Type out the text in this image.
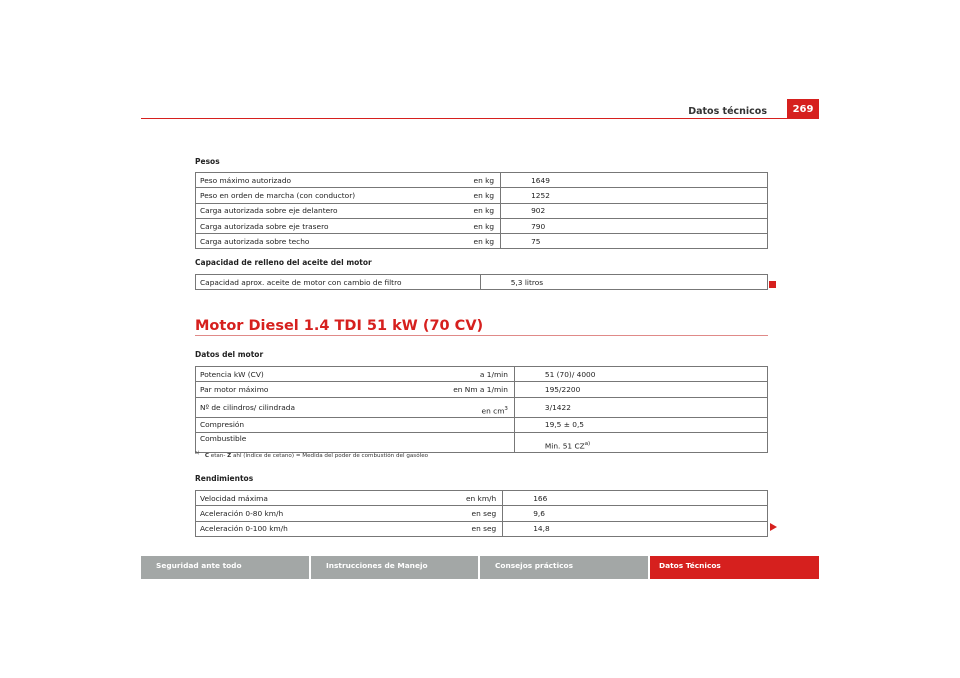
Datos técnicos	269
Pesos
Peso máximo autorizado	en kg	1649
Peso en orden de marcha (con conductor)	en kg	1252
Carga autorizada sobre eje delantero	en kg	902
Carga autorizada sobre eje trasero	en kg	790
Carga autorizada sobre techo	en kg	75
Capacidad de relleno del aceite del motor
Capacidad aprox. aceite de motor con cambio de filtro	5,3 litros
Motor Diesel 1.4 TDI 51 kW (70 CV)
Datos del motor
Potencia kW (CV)	a 1/min	51 (70)/ 4000
Par motor máximo	en Nm a 1/min	195/2200
Nº de cilindros/ cilindrada	en $cm^3$	3/1422
Compresión		19,5 ± 0,5
Combustible		Min. 51 CZ$^{a)}$
$^{a)}$ C etan- Z ahl (índice de cetano) = Medida del poder de combustión del gasóleo
Rendimientos
Velocidad máxima	en km/h	166
Aceleración 0-80 km/h	en seg	9,6
Aceleración 0-100 km/h	en seg	14,8
Seguridad ante todo	Instrucciones de Manejo	Consejos prácticos	Datos Técnicos
